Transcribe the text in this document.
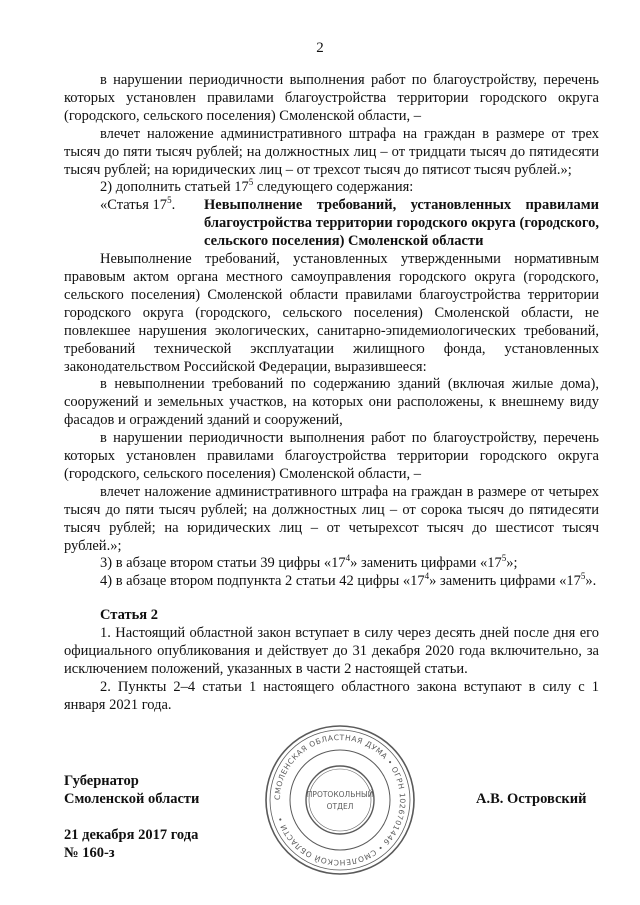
2

в нарушении периодичности выполнения работ по благоустройству, перечень которых установлен правилами благоустройства территории городского округа (городского, сельского поселения) Смоленской области, –

влечет наложение административного штрафа на граждан в размере от трех тысяч до пяти тысяч рублей; на должностных лиц – от тридцати тысяч до пятидесяти тысяч рублей; на юридических лиц – от трехсот тысяч до пятисот тысяч рублей.»;

2) дополнить статьей $17^5$ следующего содержания:

«Статья $17^5$.	Невыполнение требований, установленных правилами благоустройства территории городского округа (городского, сельского поселения) Смоленской области

Невыполнение требований, установленных утвержденными нормативным правовым актом органа местного самоуправления городского округа (городского, сельского поселения) Смоленской области правилами благоустройства территории городского округа (городского, сельского поселения) Смоленской области, не повлекшее нарушения экологических, санитарно-эпидемиологических требований, требований технической эксплуатации жилищного фонда, установленных законодательством Российской Федерации, выразившееся:

в невыполнении требований по содержанию зданий (включая жилые дома), сооружений и земельных участков, на которых они расположены, к внешнему виду фасадов и ограждений зданий и сооружений,

в нарушении периодичности выполнения работ по благоустройству, перечень которых установлен правилами благоустройства территории городского округа (городского, сельского поселения) Смоленской области, –

влечет наложение административного штрафа на граждан в размере от четырех тысяч до пяти тысяч рублей; на должностных лиц – от сорока тысяч до пятидесяти тысяч рублей; на юридических лиц – от четырехсот тысяч до шестисот тысяч рублей.»;

3) в абзаце втором статьи 39 цифры «$17^4$» заменить цифрами «$17^5$»;

4) в абзаце втором подпункта 2 статьи 42 цифры «$17^4$» заменить цифрами «$17^5$».

Статья 2

1. Настоящий областной закон вступает в силу через десять дней после дня его официального опубликования и действует до 31 декабря 2020 года включительно, за исключением положений, указанных в части 2 настоящей статьи.

2. Пункты 2–4 статьи 1 настоящего областного закона вступают в силу с 1 января 2021 года.

Губернатор
Смоленской области	А.В. Островский
21 декабря 2017 года
№ 160-з
СМОЛЕНСКАЯ ОБЛАСТНАЯ ДУМА • ОГРН 1026701446 • СМОЛЕНСКОЙ ОБЛАСТИ •
ПРОТОКОЛЬНЫЙ
ОТДЕЛ
